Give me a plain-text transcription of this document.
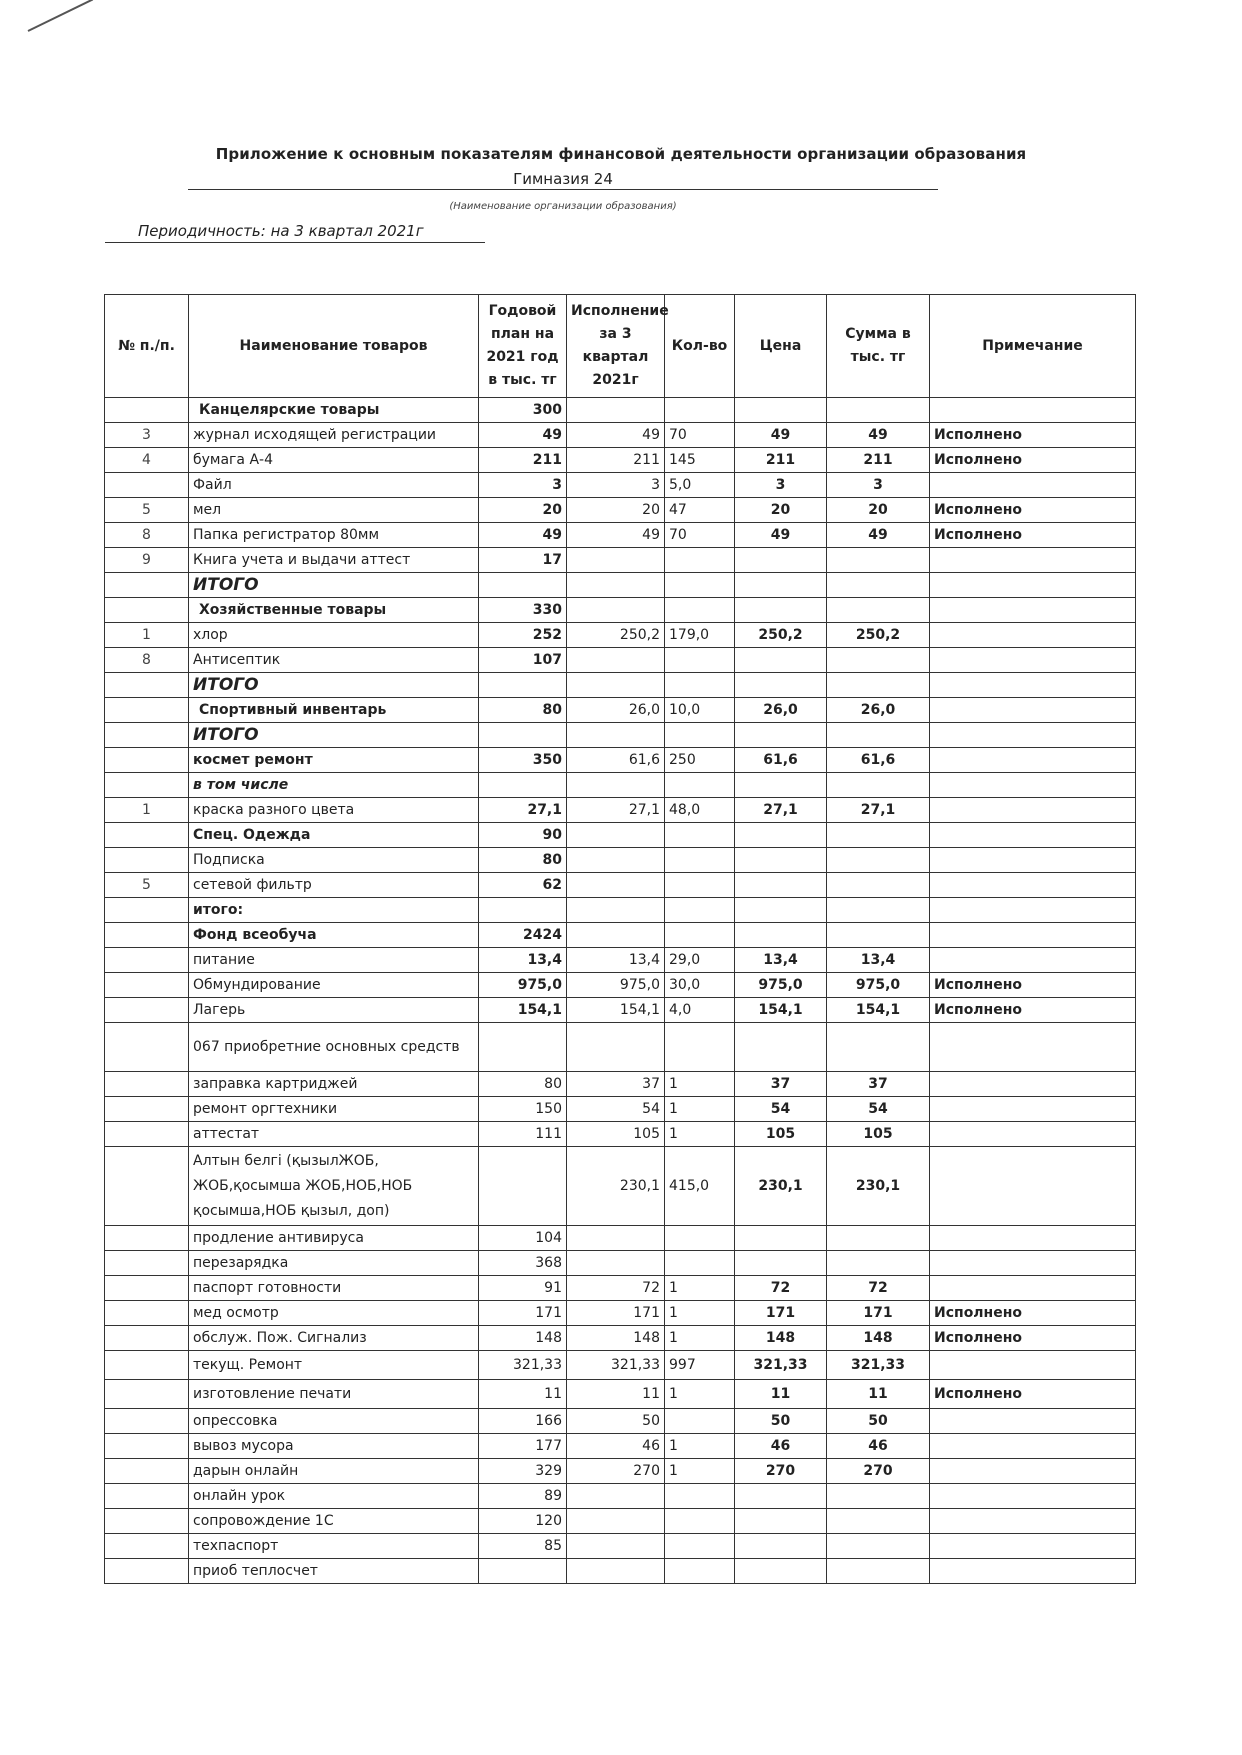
Приложение к основным показателям финансовой деятельности организации образования
Гимназия 24
(Наименование организации образования)
Периодичность: на 3 квартал 2021г
№ п./п.	Наименование товаров	Годовой план на 2021 год в тыс. тг	Исполнение за 3 квартал 2021г	Кол-во	Цена	Сумма в тыс. тг	Примечание
	Канцелярские товары	300					
3	журнал исходящей регистрации	49	49	70	49	49	Исполнено
4	бумага А-4	211	211	145	211	211	Исполнено
	Файл	3	3	5,0	3	3	
5	мел	20	20	47	20	20	Исполнено
8	Папка регистратор 80мм	49	49	70	49	49	Исполнено
9	Книга учета и выдачи аттест	17					
	ИТОГО						
	Хозяйственные товары	330					
1	хлор	252	250,2	179,0	250,2	250,2	
8	Антисептик	107					
	ИТОГО						
	Спортивный инвентарь	80	26,0	10,0	26,0	26,0	
	ИТОГО						
	космет ремонт	350	61,6	250	61,6	61,6	
	в том числе						
1	краска разного цвета	27,1	27,1	48,0	27,1	27,1	
	Спец. Одежда	90					
	Подписка	80					
5	сетевой фильтр	62					
	итого:						
	Фонд всеобуча	2424					
	питание	13,4	13,4	29,0	13,4	13,4	
	Обмундирование	975,0	975,0	30,0	975,0	975,0	Исполнено
	Лагерь	154,1	154,1	4,0	154,1	154,1	Исполнено
	067 приобретние основных средств						
	заправка картриджей	80	37	1	37	37	
	ремонт оргтехники	150	54	1	54	54	
	аттестат	111	105	1	105	105	
	Алтын белгі (қызылЖОБ, ЖОБ,қосымша ЖОБ,НОБ,НОБ қосымша,НОБ қызыл, доп)		230,1	415,0	230,1	230,1	
	продление антивируса	104					
	перезарядка	368					
	паспорт готовности	91	72	1	72	72	
	мед осмотр	171	171	1	171	171	Исполнено
	обслуж. Пож. Сигнализ	148	148	1	148	148	Исполнено
	текущ. Ремонт	321,33	321,33	997	321,33	321,33	
	изготовление печати	11	11	1	11	11	Исполнено
	опрессовка	166	50		50	50	
	вывоз мусора	177	46	1	46	46	
	дарын онлайн	329	270	1	270	270	
	онлайн урок	89					
	сопровождение 1С	120					
	техпаспорт	85					
	приоб теплосчет						
